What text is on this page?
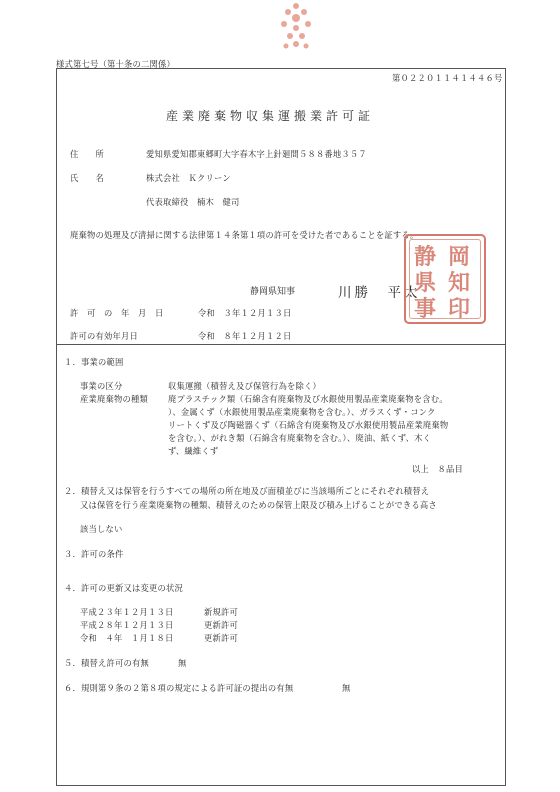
様式第七号（第十条の二関係）
第０２２０１１４１４４６号
産業廃棄物収集運搬業許可証
住　　所	愛知県愛知郡東郷町大字春木字上針廻間５８８番地３５７
氏　　名	株式会社　Ｋクリーン
代表取締役　楠木　健司
廃棄物の処理及び清掃に関する法律第１４条第１項の許可を受けた者であることを証する。
静岡県知事	川勝　平太
静 岡
県 知
事 印
許　可　の　年　月　日	令和　３年１２月１３日
許可の有効年月日	令和　８年１２月１２日
１．事業の範囲
事業の区分	収集運搬（積替え及び保管行為を除く）
産業廃棄物の種類 廃プラスチック類（石綿含有廃棄物及び水銀使用製品産業廃棄物を含む。
）、金属くず（水銀使用製品産業廃棄物を含む。）、ガラスくず・コンク
リートくず及び陶磁器くず（石綿含有廃棄物及び水銀使用製品産業廃棄物
を含む。）、がれき類（石綿含有廃棄物を含む。）、廃油、紙くず、木く
ず、繊維くず
以上　８品目
２．積替え又は保管を行うすべての場所の所在地及び面積並びに当該場所ごとにそれぞれ積替え
又は保管を行う産業廃棄物の種類、積替えのための保管上限及び積み上げることができる高さ
該当しない
３．許可の条件
４．許可の更新又は変更の状況
平成２３年１２月１３日	新規許可
平成２８年１２月１３日	更新許可
令和　４年　１月１８日	更新許可
５．積替え許可の有無	無
６．規則第９条の２第８項の規定による許可証の提出の有無	無
